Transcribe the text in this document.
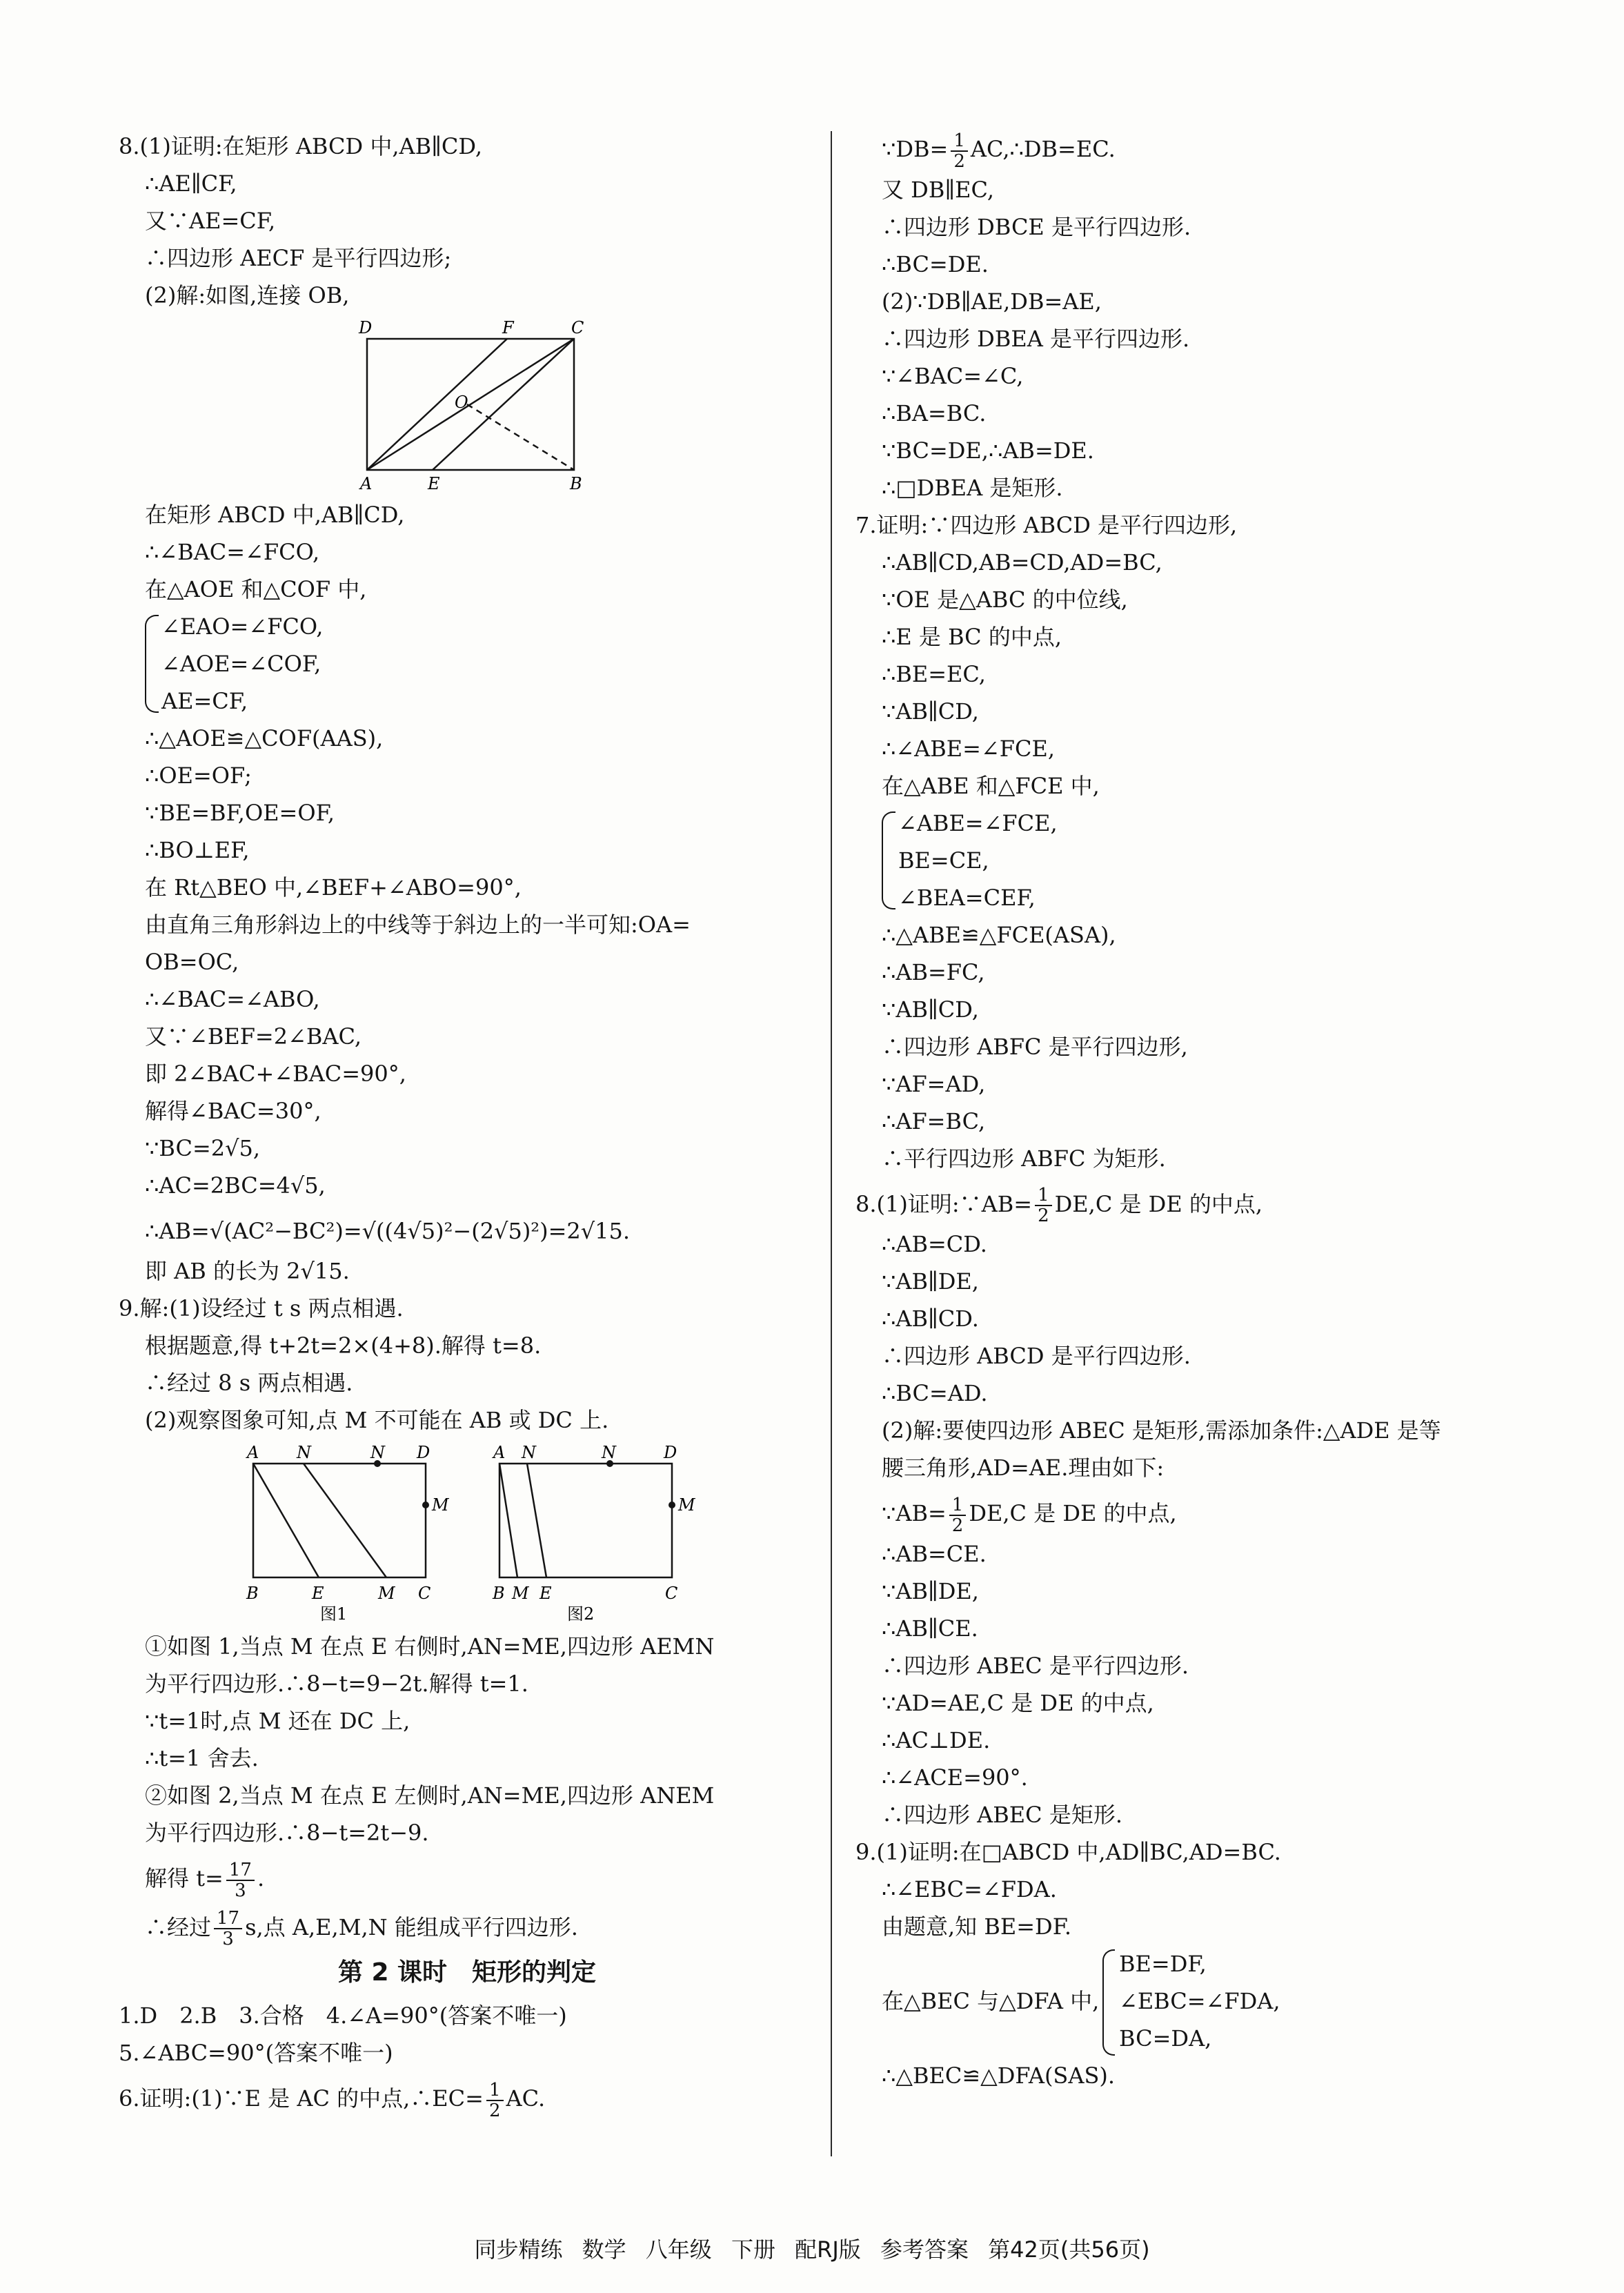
8.(1)证明:在矩形 ABCD 中,AB∥CD,
∴AE∥CF,
又∵AE=CF,
∴四边形 AECF 是平行四边形;
(2)解:如图,连接 OB,
D	F	C
O
A	E	B
在矩形 ABCD 中,AB∥CD,
∴∠BAC=∠FCO,
在△AOE 和△COF 中,
∠EAO=∠FCO,
∠AOE=∠COF,
AE=CF,
∴△AOE≌△COF(AAS),
∴OE=OF;
∵BE=BF,OE=OF,
∴BO⊥EF,
在 Rt△BEO 中,∠BEF+∠ABO=90°,
由直角三角形斜边上的中线等于斜边上的一半可知:OA=
OB=OC,
∴∠BAC=∠ABO,
又∵∠BEF=2∠BAC,
即 2∠BAC+∠BAC=90°,
解得∠BAC=30°,
∵BC=2√5,
∴AC=2BC=4√5,
∴AB=√(AC²−BC²)=√((4√5)²−(2√5)²)=2√15.
即 AB 的长为 2√15.
9.解:(1)设经过 t s 两点相遇.
根据题意,得 t+2t=2×(4+8).解得 t=8.
∴经过 8 s 两点相遇.
(2)观察图象可知,点 M 不可能在 AB 或 DC 上.
A N	N D
M
B	E	M C
图1
A N	N	D
M
B M E	C
图2
①如图 1,当点 M 在点 E 右侧时,AN=ME,四边形 AEMN
为平行四边形.∴8−t=9−2t.解得 t=1.
∵t=1时,点 M 还在 DC 上,
∴t=1 舍去.
②如图 2,当点 M 在点 E 左侧时,AN=ME,四边形 ANEM
为平行四边形.∴8−t=2t−9.
解得 $t= \frac{17}{3}$ .
∴经过 $\frac{17}{3} s$,点 A,E,M,N 能组成平行四边形.
第 2 课时　矩形的判定
1.D　2.B　3.合格　4.∠A=90°(答案不唯一)
5.∠ABC=90°(答案不唯一)
6.证明:(1)∵E 是 AC 的中点,∴EC= $\frac{1}{2}$ AC.
∵DB= $\frac{1}{2}$ AC,∴DB=EC.
又 DB∥EC,
∴四边形 DBCE 是平行四边形.
∴BC=DE.
(2)∵DB∥AE,DB=AE,
∴四边形 DBEA 是平行四边形.
∵∠BAC=∠C,
∴BA=BC.
∵BC=DE,∴AB=DE.
∴□DBEA 是矩形.
7.证明:∵四边形 ABCD 是平行四边形,
∴AB∥CD,AB=CD,AD=BC,
∵OE 是△ABC 的中位线,
∴E 是 BC 的中点,
∴BE=EC,
∵AB∥CD,
∴∠ABE=∠FCE,
在△ABE 和△FCE 中,
∠ABE=∠FCE,
BE=CE,
∠BEA=CEF,
∴△ABE≌△FCE(ASA),
∴AB=FC,
∵AB∥CD,
∴四边形 ABFC 是平行四边形,
∵AF=AD,
∴AF=BC,
∴平行四边形 ABFC 为矩形.
8.(1)证明:∵AB= $\frac{1}{2} DE,C$ 是 DE 的中点,
∴AB=CD.
∵AB∥DE,
∴AB∥CD.
∴四边形 ABCD 是平行四边形.
∴BC=AD.
(2)解:要使四边形 ABEC 是矩形,需添加条件:△ADE 是等
腰三角形,AD=AE.理由如下:
∵AB= $\frac{1}{2} DE,C$ 是 DE 的中点,
∴AB=CE.
∵AB∥DE,
∴AB∥CE.
∴四边形 ABEC 是平行四边形.
∵AD=AE,C 是 DE 的中点,
∴AC⊥DE.
∴∠ACE=90°.
∴四边形 ABEC 是矩形.
9.(1)证明:在□ABCD 中,AD∥BC,AD=BC.
∴∠EBC=∠FDA.
由题意,知 BE=DF.
在△BEC 与△DFA 中,
BE=DF,
∠EBC=∠FDA,
BC=DA,
∴△BEC≌△DFA(SAS).
同步精练 数学 八年级 下册 配RJ版 参考答案 第42页(共56页)
